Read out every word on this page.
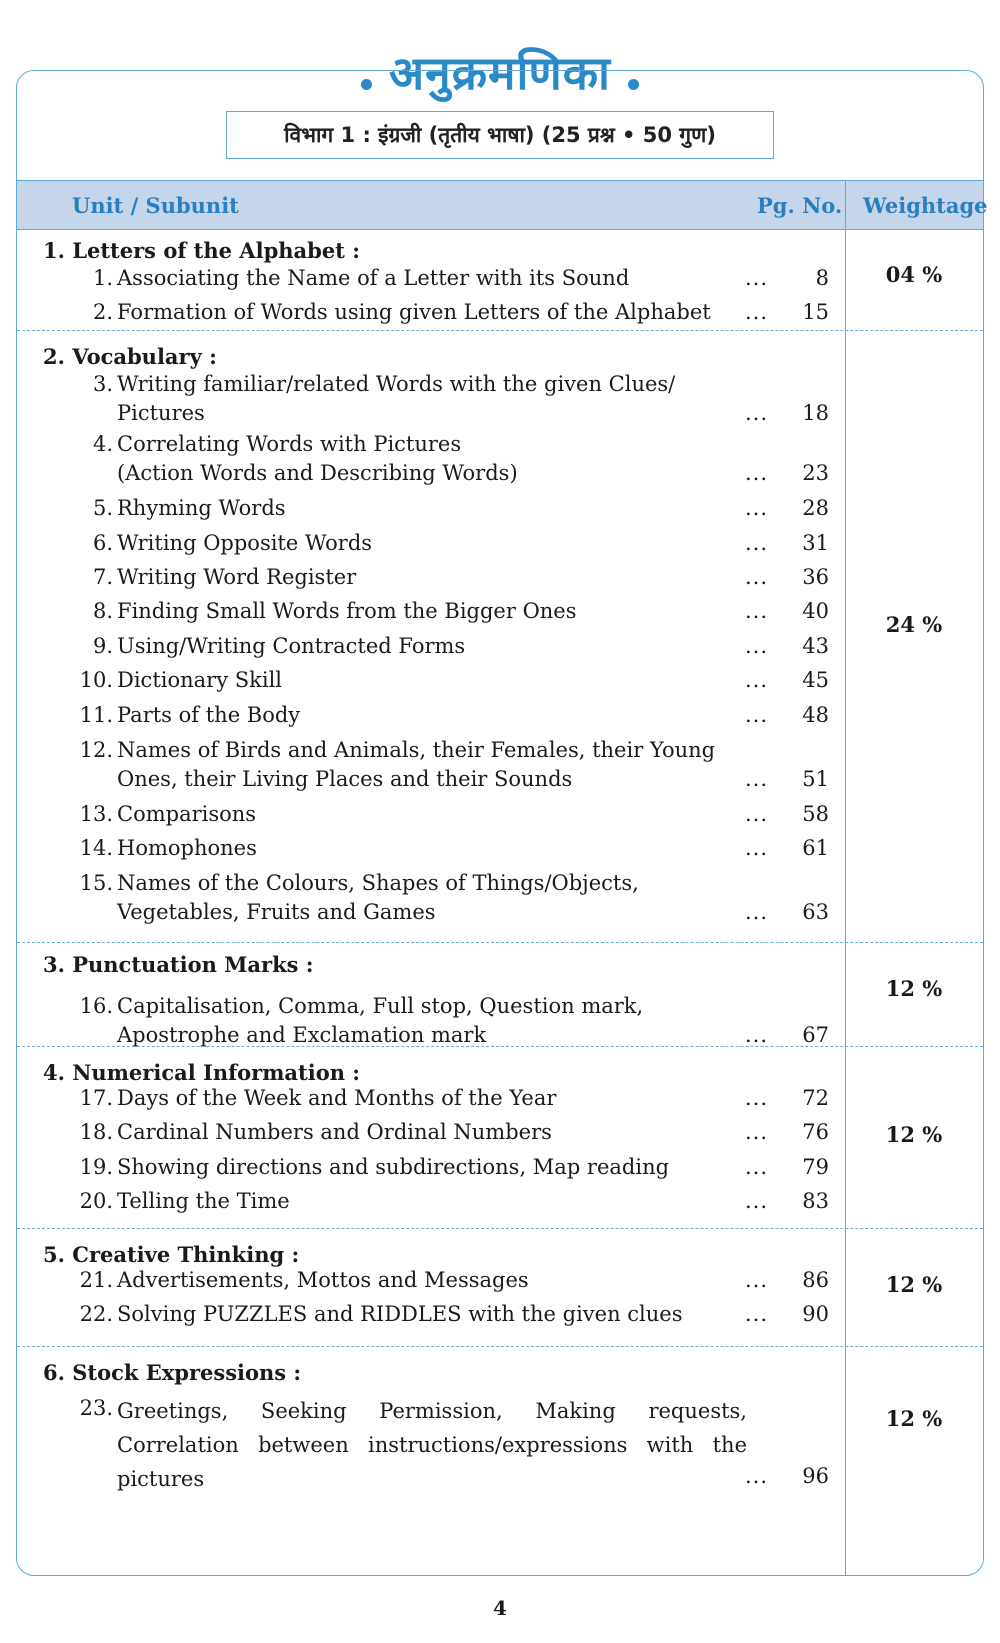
अनुक्रमणिका
विभाग 1 : इंग्रजी (तृतीय भाषा) (25 प्रश्न • 50 गुण)
Unit / Subunit	Pg. No. Weightage
1. Letters of the Alphabet :
04 %
1. Associating the Name of a Letter with its Sound	...	8
2. Formation of Words using given Letters of the Alphabet	...	15
2. Vocabulary :
24 %
3. Writing familiar/related Words with the given Clues/
Pictures	...	18
4. Correlating Words with Pictures
(Action Words and Describing Words)	...	23
5. Rhyming Words	...	28
6. Writing Opposite Words	...	31
7. Writing Word Register	...	36
8. Finding Small Words from the Bigger Ones	...	40
9. Using/Writing Contracted Forms	...	43
10. Dictionary Skill	...	45
11. Parts of the Body	...	48
12. Names of Birds and Animals, their Females, their Young
Ones, their Living Places and their Sounds	...	51
13. Comparisons	...	58
14. Homophones	...	61
15. Names of the Colours, Shapes of Things/Objects,
Vegetables, Fruits and Games	...	63
3. Punctuation Marks :
12 %
16. Capitalisation, Comma, Full stop, Question mark,
Apostrophe and Exclamation mark	...	67
4. Numerical Information :
12 %
17. Days of the Week and Months of the Year	...	72
18. Cardinal Numbers and Ordinal Numbers	...	76
19. Showing directions and subdirections, Map reading	...	79
20. Telling the Time	...	83
5. Creative Thinking :
12 %
21. Advertisements, Mottos and Messages	...	86
22. Solving PUZZLES and RIDDLES with the given clues	...	90
6. Stock Expressions :
12 %
23. Greetings, Seeking Permission, Making requests,
Correlation between instructions/expressions with the
pictures	...	96
4
